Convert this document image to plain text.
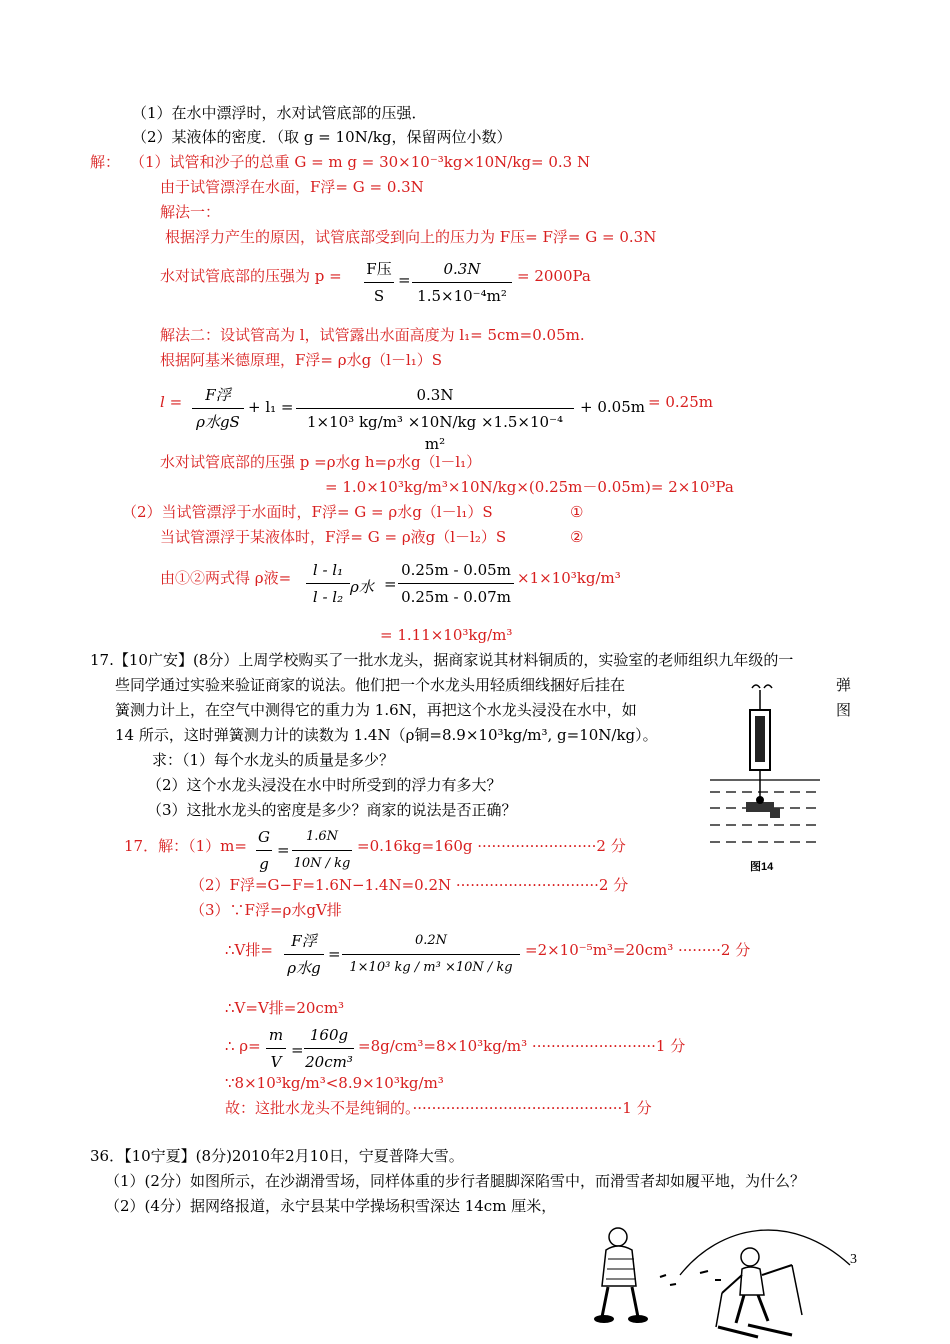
（1）在水中漂浮时，水对试管底部的压强．
（2）某液体的密度．（取 g = 10N/kg，保留两位小数）
解： （1）试管和沙子的总重 G = m g = 30×10⁻³kg×10N/kg= 0.3 N
由于试管漂浮在水面，F浮= G = 0.3N
解法一：
根据浮力产生的原因，试管底部受到向上的压力为 F压= F浮= G = 0.3N
水对试管底部的压强为 p = F压
S
=
0.3N
1.5×10⁻⁴m²
= 2000Pa
解法二：设试管高为 l，试管露出水面高度为 l₁= 5cm=0.05m.
根据阿基米德原理，F浮= ρ水g（l－l₁）S
l =	F浮
ρ水gS
+ l₁ =
0.3N
1×10³ kg/m³ ×10N/kg ×1.5×10⁻⁴ m²
+ 0.05m = 0.25m
水对试管底部的压强 p =ρ水g h=ρ水g（l－l₁）
= 1.0×10³kg/m³×10N/kg×(0.25m－0.05m)= 2×10³Pa
（2）当试管漂浮于水面时，F浮= G = ρ水g（l－l₁）S	①
当试管漂浮于某液体时，F浮= G = ρ液g（l－l₂）S	②
由①②两式得 ρ液=	l - l₁
l - l₂
ρ水 =
0.25m - 0.05m
0.25m - 0.07m
×1×10³kg/m³
= 1.11×10³kg/m³
17.【10广安】(8分）上周学校购买了一批水龙头，据商家说其材料铜质的，实验室的老师组织九年级的一
些同学通过实验来验证商家的说法。他们把一个水龙头用轻质细线捆好后挂在	弹
簧测力计上，在空气中测得它的重力为 1.6N，再把这个水龙头浸没在水中，如	图
14 所示，这时弹簧测力计的读数为 1.4N（ρ铜=8.9×10³kg/m³, g=10N/kg）。
求：（1）每个水龙头的质量是多少？
（2）这个水龙头浸没在水中时所受到的浮力有多大？
（3）这批水龙头的密度是多少？商家的说法是否正确？
图14
17．解：（1）m= G
g
=
1.6N
10N / kg
=0.16kg=160g ·························2 分
（2）F浮=G−F=1.6N−1.4N=0.2N ······························2 分
（3）∵F浮=ρ水gV排
∴V排=	F浮
ρ水g
=
0.2N
1×10³ kg / m³ ×10N / kg
=2×10⁻⁵m³=20cm³ ·········2 分
∴V=V排=20cm³
∴ ρ=
m
V
=
160g
20cm³
=8g/cm³=8×10³kg/m³ ··························1 分
∵8×10³kg/m³<8.9×10³kg/m³
故：这批水龙头不是纯铜的。············································1 分
36．【10宁夏】(8分)2010年2月10日，宁夏普降大雪。
（1）(2分）如图所示，在沙湖滑雪场，同样体重的步行者腿脚深陷雪中，而滑雪者却如履平地，为什么？
（2）(4分）据网络报道，永宁县某中学操场积雪深达 14cm 厘米，
3
